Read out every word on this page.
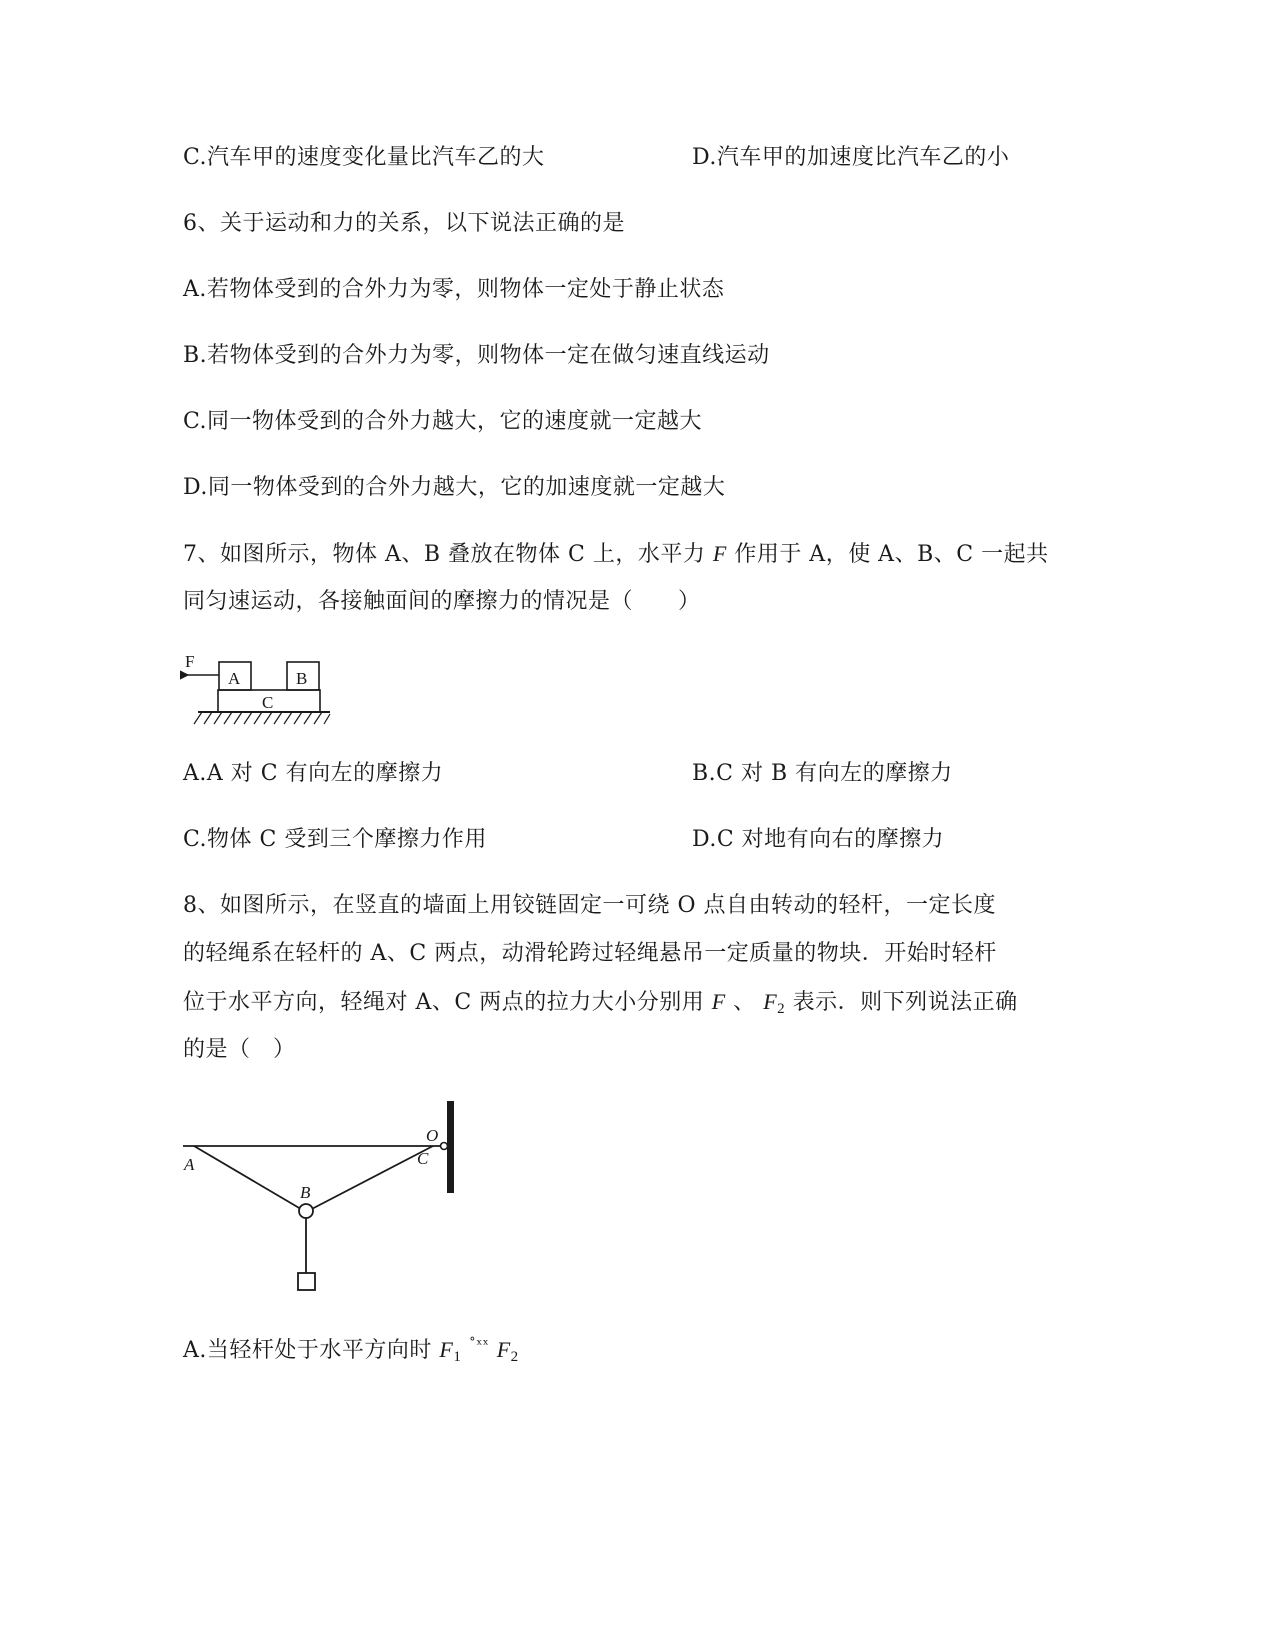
C.汽车甲的速度变化量比汽车乙的大	D.汽车甲的加速度比汽车乙的小
6、关于运动和力的关系，以下说法正确的是
A.若物体受到的合外力为零，则物体一定处于静止状态
B.若物体受到的合外力为零，则物体一定在做匀速直线运动
C.同一物体受到的合外力越大，它的速度就一定越大
D.同一物体受到的合外力越大，它的加速度就一定越大
7、如图所示，物体 A、B 叠放在物体 C 上，水平力 F 作用于 A，使 A、B、C 一起共
同匀速运动，各接触面间的摩擦力的情况是（　　）
F
A	B
C
A.A 对 C 有向左的摩擦力	B.C 对 B 有向左的摩擦力
C.物体 C 受到三个摩擦力作用	D.C 对地有向右的摩擦力
8、如图所示，在竖直的墙面上用铰链固定一可绕 O 点自由转动的轻杆，一定长度
的轻绳系在轻杆的 A、C 两点，动滑轮跨过轻绳悬吊一定质量的物块．开始时轻杆
位于水平方向，轻绳对 A、C 两点的拉力大小分别用 F 、 $F_2$ 表示．则下列说法正确
的是（　）
O
A
B
C
A.当轻杆处于水平方向时 $F_1$ $^{˚ˣˣ}$ $F_2$
